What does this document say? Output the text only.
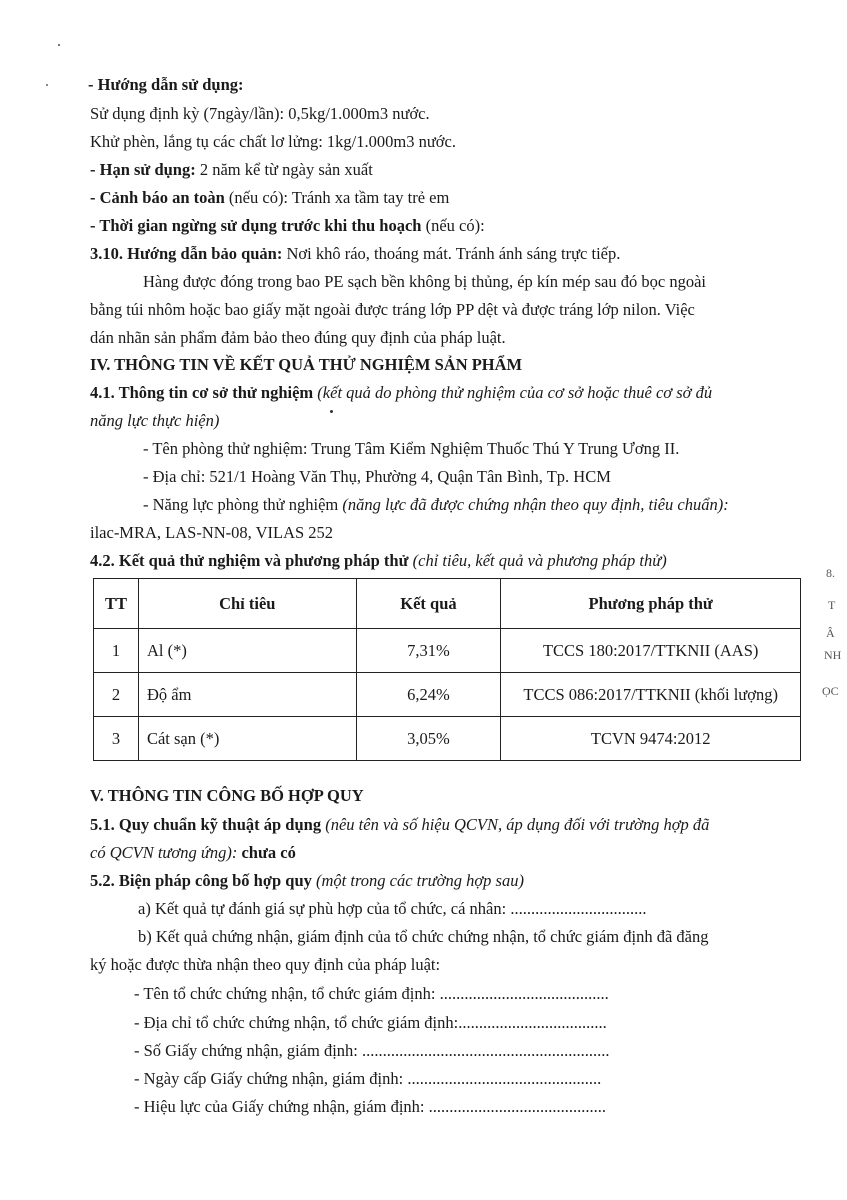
- Hướng dẫn sử dụng:
Sử dụng định kỳ (7ngày/lần): 0,5kg/1.000m3 nước.
Khử phèn, lắng tụ các chất lơ lửng: 1kg/1.000m3 nước.
- Hạn sử dụng: 2 năm kể từ ngày sản xuất
- Cảnh báo an toàn (nếu có): Tránh xa tầm tay trẻ em
- Thời gian ngừng sử dụng trước khi thu hoạch (nếu có):
3.10. Hướng dẫn bảo quản: Nơi khô ráo, thoáng mát. Tránh ánh sáng trực tiếp.
Hàng được đóng trong bao PE sạch bền không bị thủng, ép kín mép sau đó bọc ngoài
bằng túi nhôm hoặc bao giấy mặt ngoài được tráng lớp PP dệt và được tráng lớp nilon. Việc
dán nhãn sản phẩm đảm bảo theo đúng quy định của pháp luật.
IV. THÔNG TIN VỀ KẾT QUẢ THỬ NGHIỆM SẢN PHẨM
4.1. Thông tin cơ sở thử nghiệm (kết quả do phòng thử nghiệm của cơ sở hoặc thuê cơ sở đủ
năng lực thực hiện)
- Tên phòng thử nghiệm: Trung Tâm Kiểm Nghiệm Thuốc Thú Y Trung Ương II.
- Địa chỉ: 521/1 Hoàng Văn Thụ, Phường 4, Quận Tân Bình, Tp. HCM
- Năng lực phòng thử nghiệm (năng lực đã được chứng nhận theo quy định, tiêu chuẩn):
ilac-MRA, LAS-NN-08, VILAS 252
4.2. Kết quả thử nghiệm và phương pháp thử (chỉ tiêu, kết quả và phương pháp thử)
TT	Chỉ tiêu	Kết quả	Phương pháp thử
1	Al (*)	7,31%	TCCS 180:2017/TTKNII (AAS)
2	Độ ẩm	6,24%	TCCS 086:2017/TTKNII (khối lượng)
3	Cát sạn (*)	3,05%	TCVN 9474:2012
V. THÔNG TIN CÔNG BỐ HỢP QUY
5.1. Quy chuẩn kỹ thuật áp dụng (nêu tên và số hiệu QCVN, áp dụng đối với trường hợp đã
có QCVN tương ứng): chưa có
5.2. Biện pháp công bố hợp quy (một trong các trường hợp sau)
a) Kết quả tự đánh giá sự phù hợp của tổ chức, cá nhân: .................................
b) Kết quả chứng nhận, giám định của tổ chức chứng nhận, tổ chức giám định đã đăng
ký hoặc được thừa nhận theo quy định của pháp luật:
- Tên tổ chức chứng nhận, tổ chức giám định: .........................................
- Địa chỉ tổ chức chứng nhận, tổ chức giám định:....................................
- Số Giấy chứng nhận, giám định: ............................................................
- Ngày cấp Giấy chứng nhận, giám định: ...............................................
- Hiệu lực của Giấy chứng nhận, giám định: ...........................................
8.
T
Â
NH
ỌC
